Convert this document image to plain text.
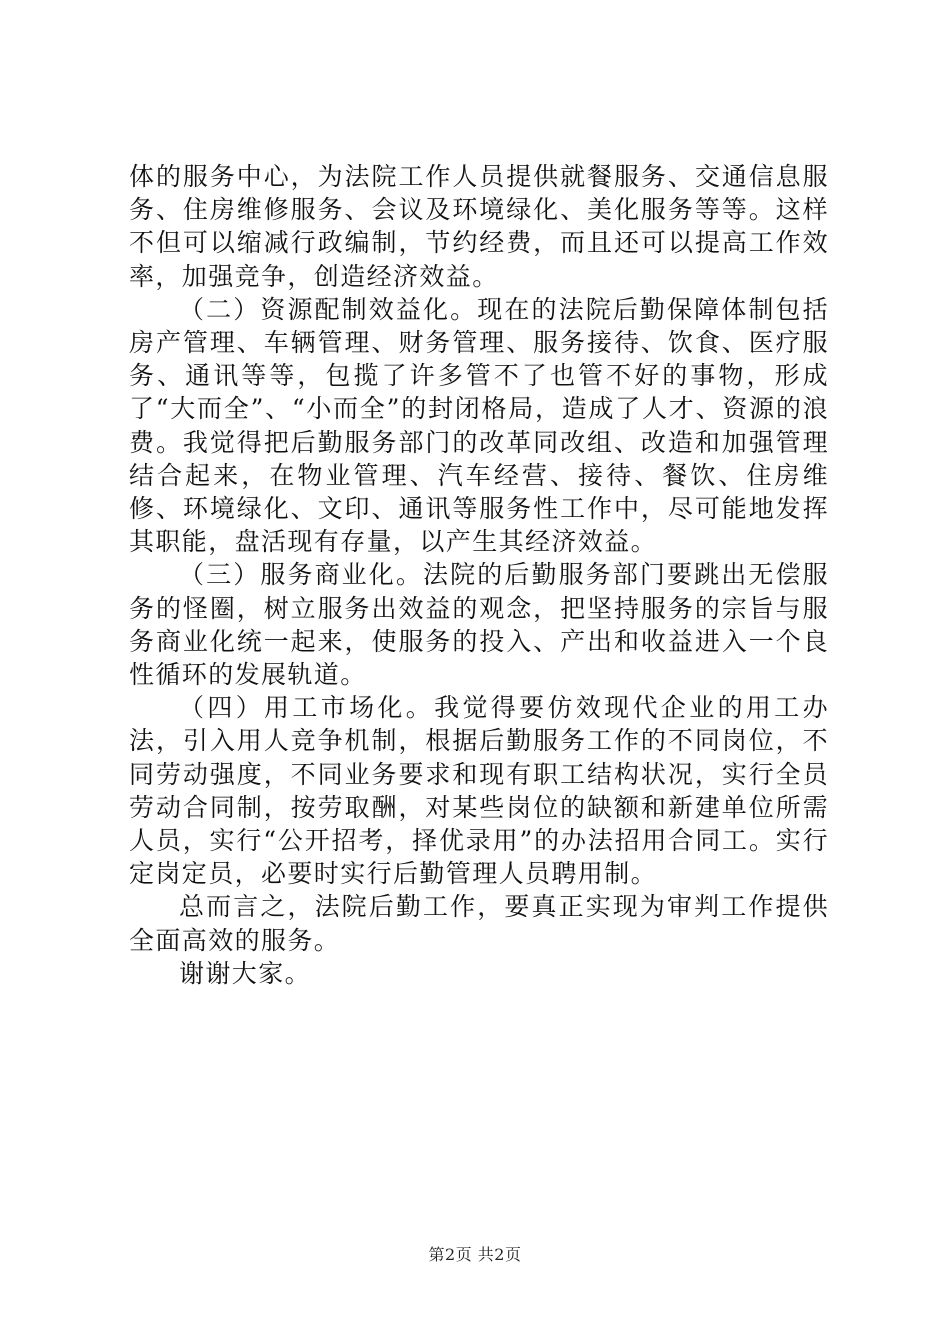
体的服务中心，为法院工作人员提供就餐服务、交通信息服务、住房维修服务、会议及环境绿化、美化服务等等。这样不但可以缩减行政编制，节约经费，而且还可以提高工作效率，加强竞争，创造经济效益。

（二）资源配制效益化。现在的法院后勤保障体制包括房产管理、车辆管理、财务管理、服务接待、饮食、医疗服务、通讯等等，包揽了许多管不了也管不好的事物，形成了“大而全”、“小而全”的封闭格局，造成了人才、资源的浪费。我觉得把后勤服务部门的改革同改组、改造和加强管理结合起来，在物业管理、汽车经营、接待、餐饮、住房维修、环境绿化、文印、通讯等服务性工作中，尽可能地发挥其职能，盘活现有存量，以产生其经济效益。

（三）服务商业化。法院的后勤服务部门要跳出无偿服务的怪圈，树立服务出效益的观念，把坚持服务的宗旨与服务商业化统一起来，使服务的投入、产出和收益进入一个良性循环的发展轨道。

（四）用工市场化。我觉得要仿效现代企业的用工办法，引入用人竞争机制，根据后勤服务工作的不同岗位，不同劳动强度，不同业务要求和现有职工结构状况，实行全员劳动合同制，按劳取酬，对某些岗位的缺额和新建单位所需人员，实行“公开招考，择优录用”的办法招用合同工。实行定岗定员，必要时实行后勤管理人员聘用制。

总而言之，法院后勤工作，要真正实现为审判工作提供全面高效的服务。

谢谢大家。

第2页 共2页
